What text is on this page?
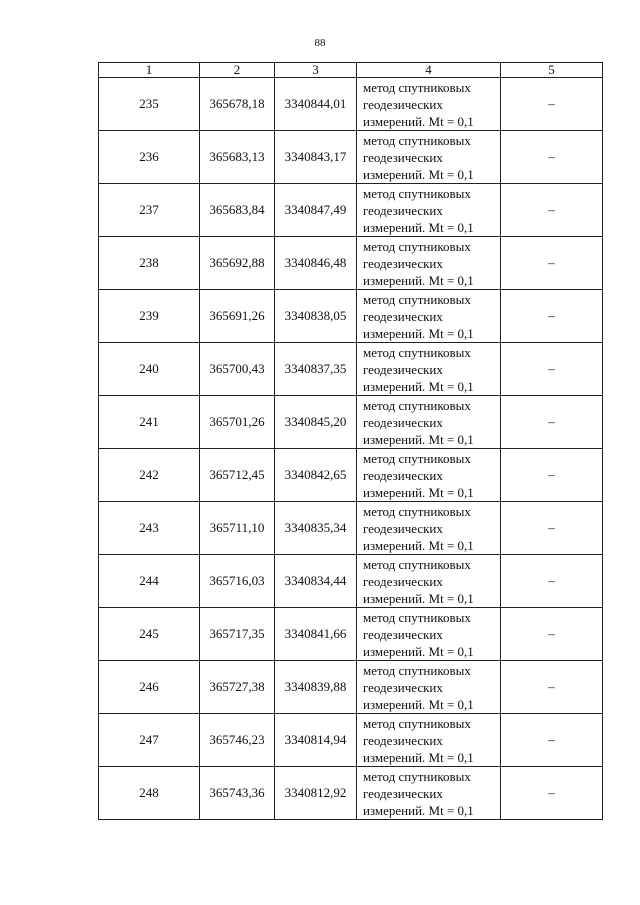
88
1	2	3	4	5
235	365678,18	3340844,01	метод спутниковых
геодезических
измерений. Mt = 0,1	–
236	365683,13	3340843,17	метод спутниковых
геодезических
измерений. Mt = 0,1	–
237	365683,84	3340847,49	метод спутниковых
геодезических
измерений. Mt = 0,1	–
238	365692,88	3340846,48	метод спутниковых
геодезических
измерений. Mt = 0,1	–
239	365691,26	3340838,05	метод спутниковых
геодезических
измерений. Mt = 0,1	–
240	365700,43	3340837,35	метод спутниковых
геодезических
измерений. Mt = 0,1	–
241	365701,26	3340845,20	метод спутниковых
геодезических
измерений. Mt = 0,1	–
242	365712,45	3340842,65	метод спутниковых
геодезических
измерений. Mt = 0,1	–
243	365711,10	3340835,34	метод спутниковых
геодезических
измерений. Mt = 0,1	–
244	365716,03	3340834,44	метод спутниковых
геодезических
измерений. Mt = 0,1	–
245	365717,35	3340841,66	метод спутниковых
геодезических
измерений. Mt = 0,1	–
246	365727,38	3340839,88	метод спутниковых
геодезических
измерений. Mt = 0,1	–
247	365746,23	3340814,94	метод спутниковых
геодезических
измерений. Mt = 0,1	–
248	365743,36	3340812,92	метод спутниковых
геодезических
измерений. Mt = 0,1	–
